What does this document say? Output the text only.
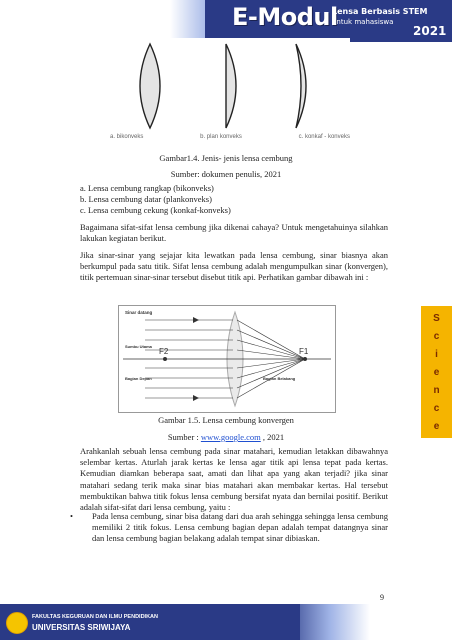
E-Modul
Lensa Berbasis STEM
untuk mahasiswa
2021
a. bikonveks	b. plan konveks	c. konkaf - konveks
Gambar1.4. Jenis- jenis lensa cembung
Sumber: dokumen penulis, 2021
a. Lensa cembung rangkap (bikonveks)
b. Lensa cembung datar (plankonveks)
c. Lensa cembung cekung (konkaf-konveks)
Bagaimana sifat-sifat lensa cembung jika dikenai cahaya? Untuk mengetahuinya silahkan lakukan kegiatan berikut.
Jika sinar-sinar yang sejajar kita lewatkan pada lensa cembung, sinar biasnya akan berkumpul pada satu titik. Sifat lensa cembung adalah mengumpulkan sinar (konvergen), titik pertemuan sinar-sinar tersebut disebut titik api. Perhatikan gambar dibawah ini :
F1
F2
Sinar datang
Sumbu Utama
Bagian Depan	Bagian Belakang
Gambar 1.5. Lensa cembung konvergen
Sumber : www.google.com , 2021
S
c
i
e
n
c
e
Arahkanlah sebuah lensa cembung pada sinar matahari, kemudian letakkan dibawahnya selembar kertas. Aturlah jarak kertas ke lensa agar titik api lensa tepat pada kertas. Kemudian diamkan beberapa saat, amati dan lihat apa yang akan terjadi? jika sinar matahari sedang terik maka sinar bias matahari akan membakar kertas. Hal tersebut membuktikan bahwa titik fokus lensa cembung bersifat nyata dan bernilai positif. Berikut adalah sifat-sifat dari lensa cembung, yaitu :
• Pada lensa cembung, sinar bisa datang dari dua arah sehingga sehingga lensa cembung memiliki 2 titik fokus. Lensa cembung bagian depan adalah tempat datangnya sinar dan lensa cembung bagian belakang adalah tempat sinar dibiaskan.
9
FAKULTAS KEGURUAN DAN ILMU PENDIDIKAN
UNIVERSITAS SRIWIJAYA
